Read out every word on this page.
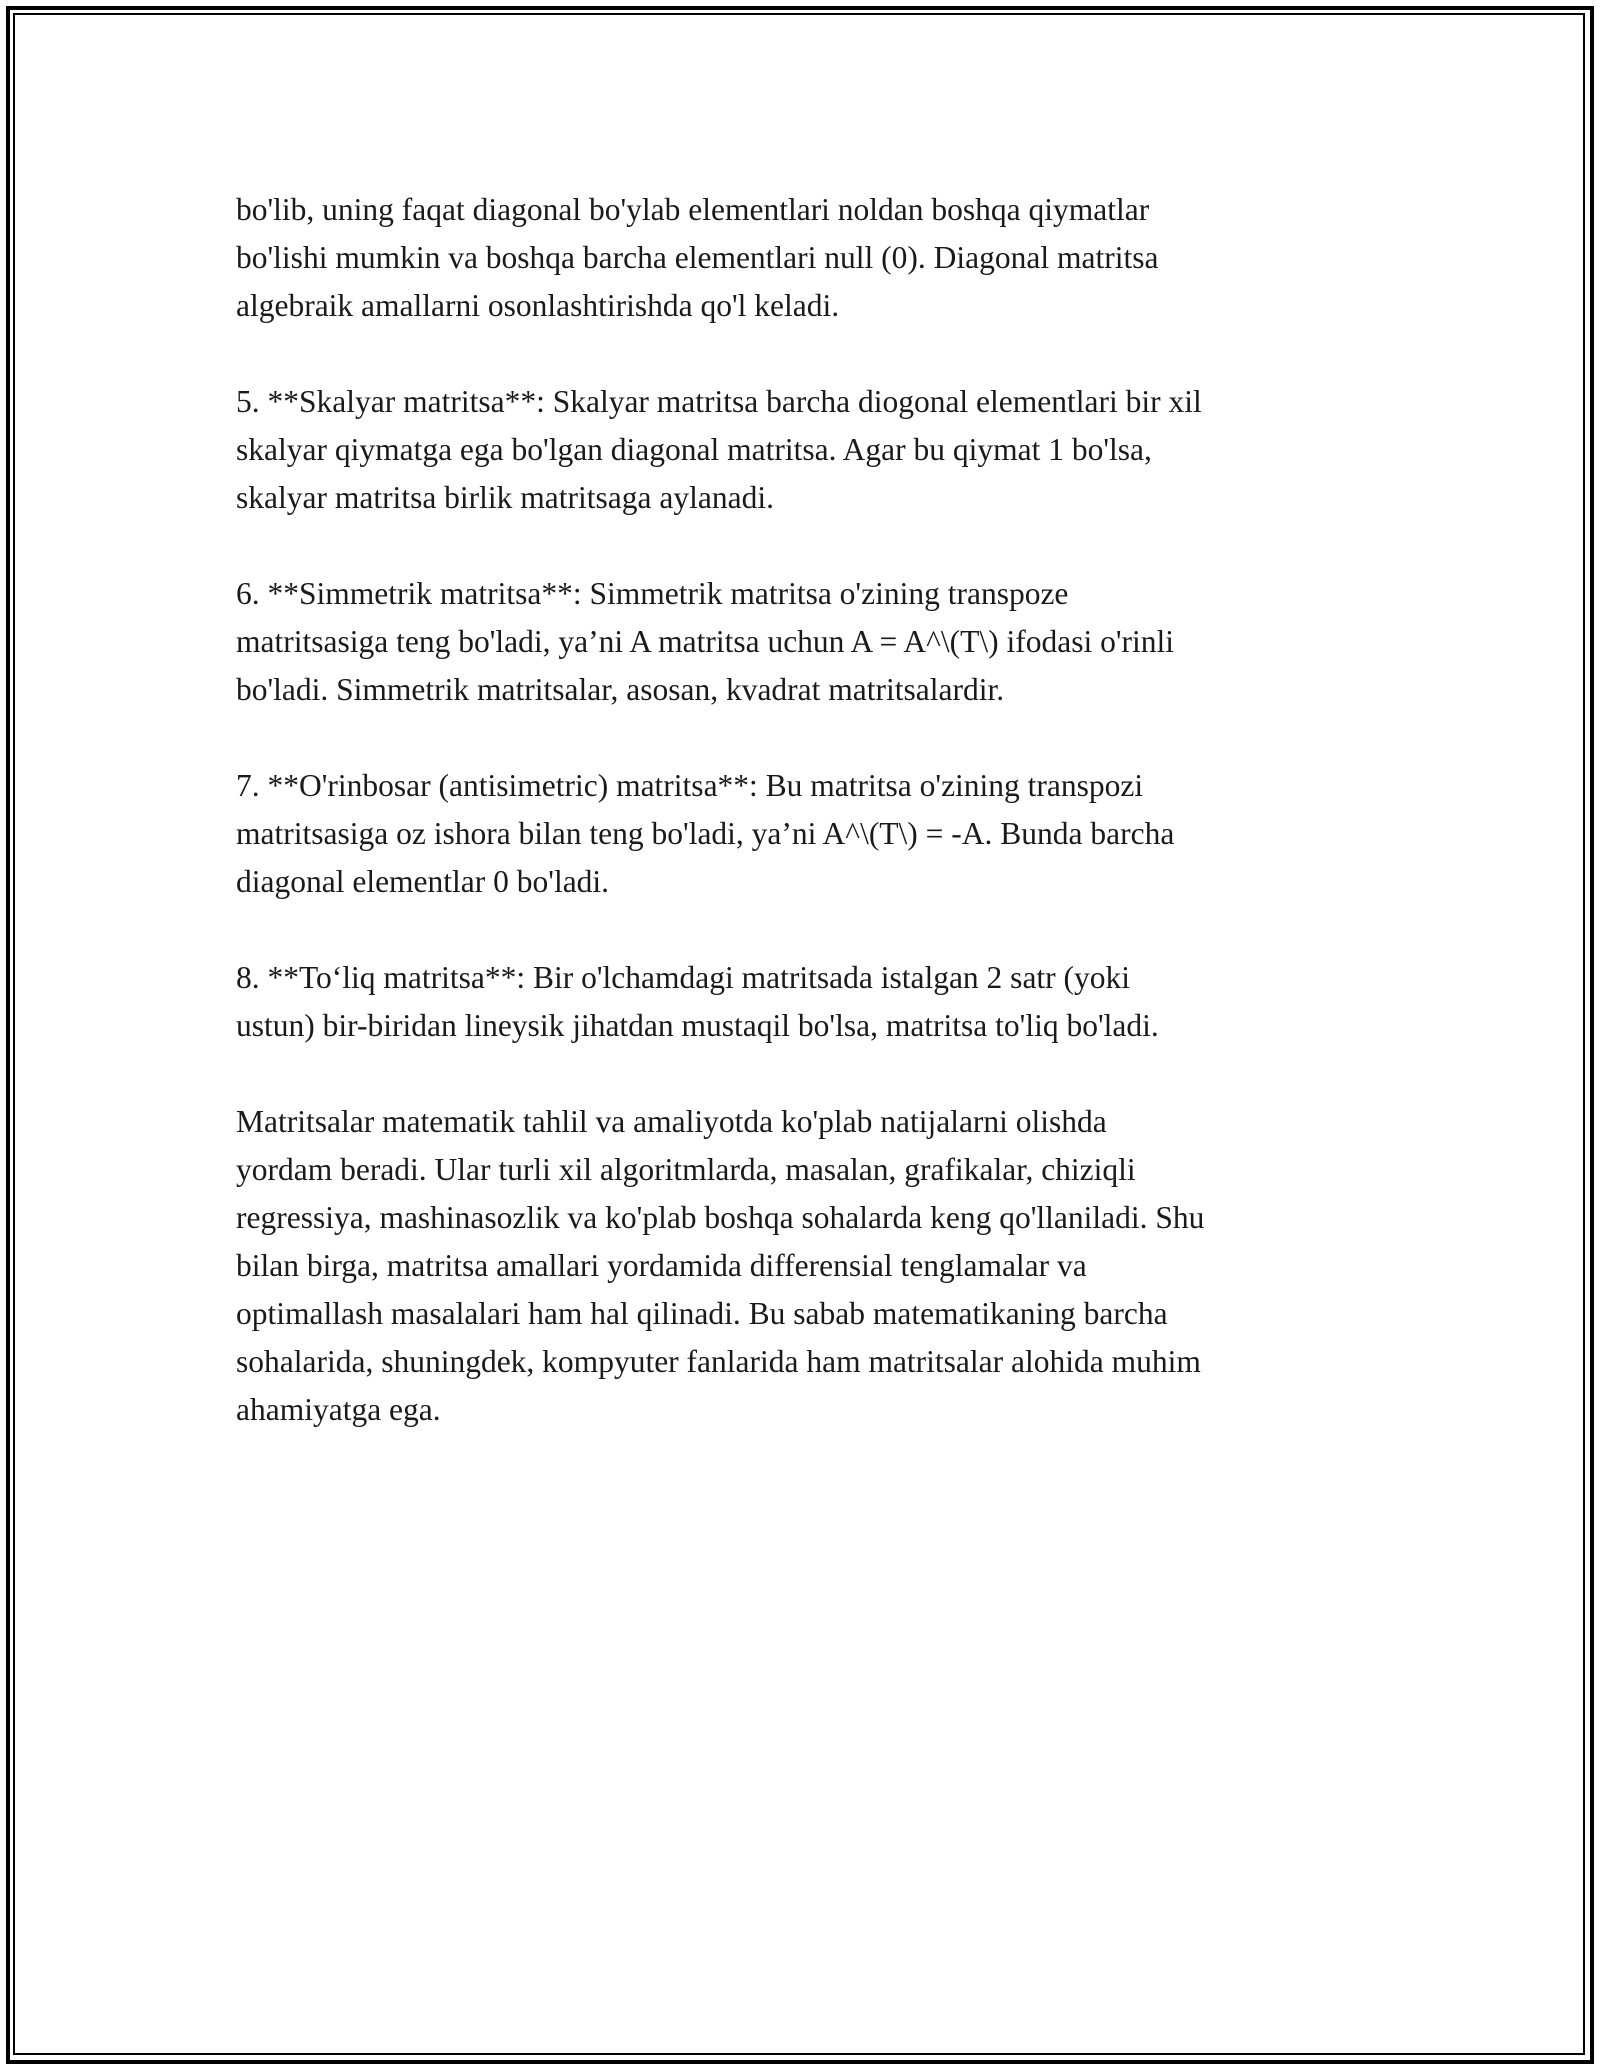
bo'lib, uning faqat diagonal bo'ylab elementlari noldan boshqa qiymatlar
bo'lishi mumkin va boshqa barcha elementlari null (0). Diagonal matritsa
algebraik amallarni osonlashtirishda qo'l keladi.

5. **Skalyar matritsa**: Skalyar matritsa barcha diogonal elementlari bir xil
skalyar qiymatga ega bo'lgan diagonal matritsa. Agar bu qiymat 1 bo'lsa,
skalyar matritsa birlik matritsaga aylanadi.

6. **Simmetrik matritsa**: Simmetrik matritsa o'zining transpoze
matritsasiga teng bo'ladi, ya’ni A matritsa uchun A = A^\(T\) ifodasi o'rinli
bo'ladi. Simmetrik matritsalar, asosan, kvadrat matritsalardir.

7. **O'rinbosar (antisimetric) matritsa**: Bu matritsa o'zining transpozi
matritsasiga oz ishora bilan teng bo'ladi, ya’ni A^\(T\) = -A. Bunda barcha
diagonal elementlar 0 bo'ladi.

8. **To‘liq matritsa**: Bir o'lchamdagi matritsada istalgan 2 satr (yoki
ustun) bir-biridan lineysik jihatdan mustaqil bo'lsa, matritsa to'liq bo'ladi.

Matritsalar matematik tahlil va amaliyotda ko'plab natijalarni olishda
yordam beradi. Ular turli xil algoritmlarda, masalan, grafikalar, chiziqli
regressiya, mashinasozlik va ko'plab boshqa sohalarda keng qo'llaniladi. Shu
bilan birga, matritsa amallari yordamida differensial tenglamalar va
optimallash masalalari ham hal qilinadi. Bu sabab matematikaning barcha
sohalarida, shuningdek, kompyuter fanlarida ham matritsalar alohida muhim
ahamiyatga ega.
